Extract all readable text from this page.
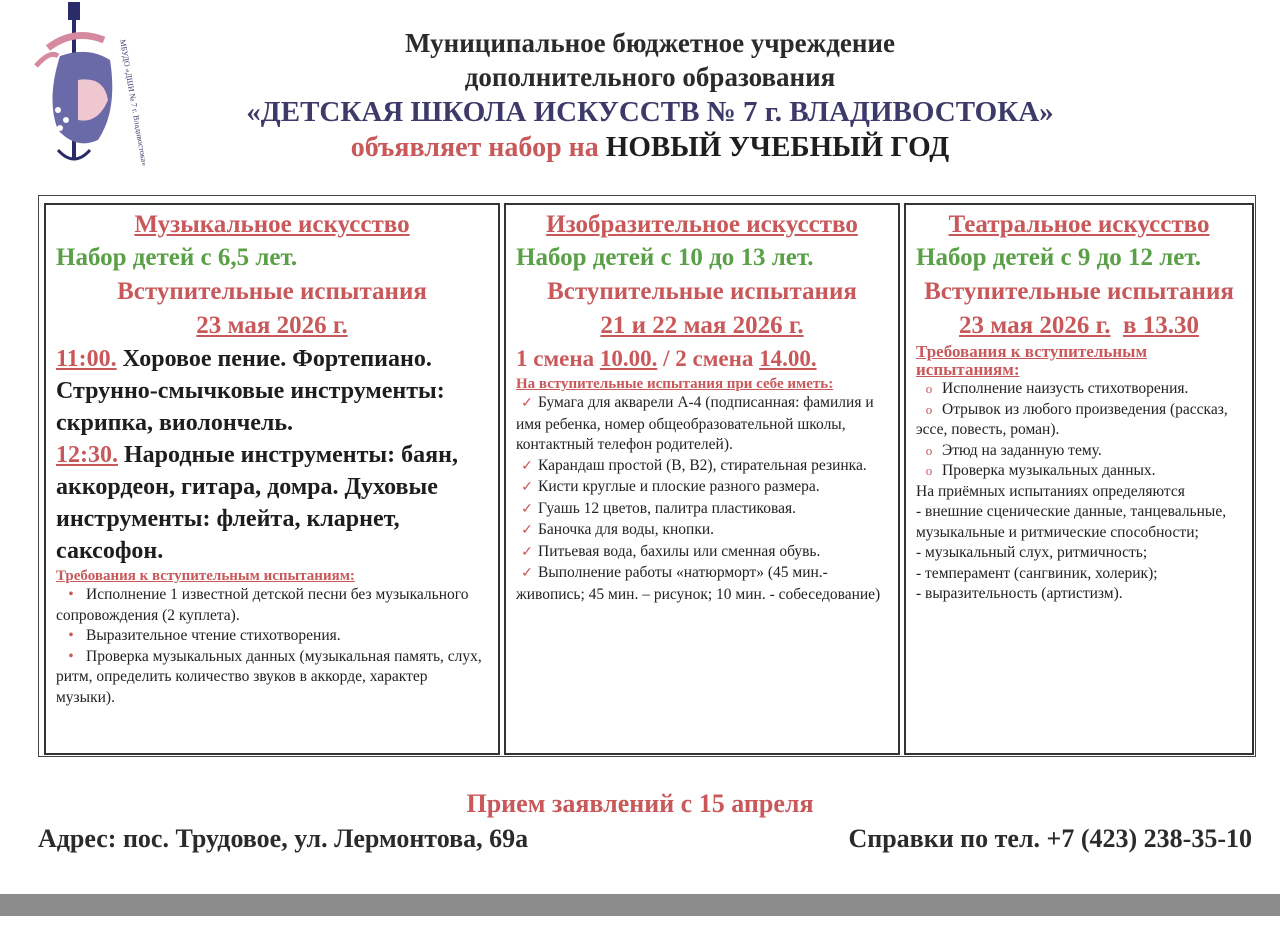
МБУДО «ДШИ № 7 г. Владивостока»	Муниципальное бюджетное учреждение
дополнительного образования
«ДЕТСКАЯ ШКОЛА ИСКУССТВ № 7 г. ВЛАДИВОСТОКА»
объявляет набор на НОВЫЙ УЧЕБНЫЙ ГОД
Музыкальное искусство
Набор детей с 6,5 лет.
Вступительные испытания
23 мая 2026 г.
11:00. Хоровое пение. Фортепиано. Струнно-смычковые инструменты: скрипка, виолончель.
12:30. Народные инструменты: баян, аккордеон, гитара, домра. Духовые инструменты: флейта, кларнет, саксофон.
Требования к вступительным испытаниям:
• Исполнение 1 известной детской песни без музыкального сопровождения (2 куплета).
• Выразительное чтение стихотворения.
• Проверка музыкальных данных (музыкальная память, слух, ритм, определить количество звуков в аккорде, характер музыки).
Изобразительное искусство
Набор детей с 10 до 13 лет.
Вступительные испытания
21 и 22 мая 2026 г.
1 смена 10.00. / 2 смена 14.00.
На вступительные испытания при себе иметь:
✓ Бумага для акварели А-4 (подписанная: фамилия и имя ребенка, номер общеобразовательной школы, контактный телефон родителей).
✓ Карандаш простой (В, В2), стирательная резинка.
✓ Кисти круглые и плоские разного размера.
✓ Гуашь 12 цветов, палитра пластиковая.
✓ Баночка для воды, кнопки.
✓ Питьевая вода, бахилы или сменная обувь.
✓ Выполнение работы «натюрморт» (45 мин.- живопись; 45 мин. – рисунок; 10 мин. - собеседование)
Театральное искусство
Набор детей с 9 до 12 лет.
Вступительные испытания
23 мая 2026 г. в 13.30
Требования к вступительным испытаниям:
o Исполнение наизусть стихотворения.
o Отрывок из любого произведения (рассказ, эссе, повесть, роман).
o Этюд на заданную тему.
o Проверка музыкальных данных.
На приёмных испытаниях определяются
- внешние сценические данные, танцевальные, музыкальные и ритмические способности;
- музыкальный слух, ритмичность;
- темперамент (сангвиник, холерик);
- выразительность (артистизм).
Прием заявлений с 15 апреля
Адрес: пос. Трудовое, ул. Лермонтова, 69а	Справки по тел. +7 (423) 238-35-10
